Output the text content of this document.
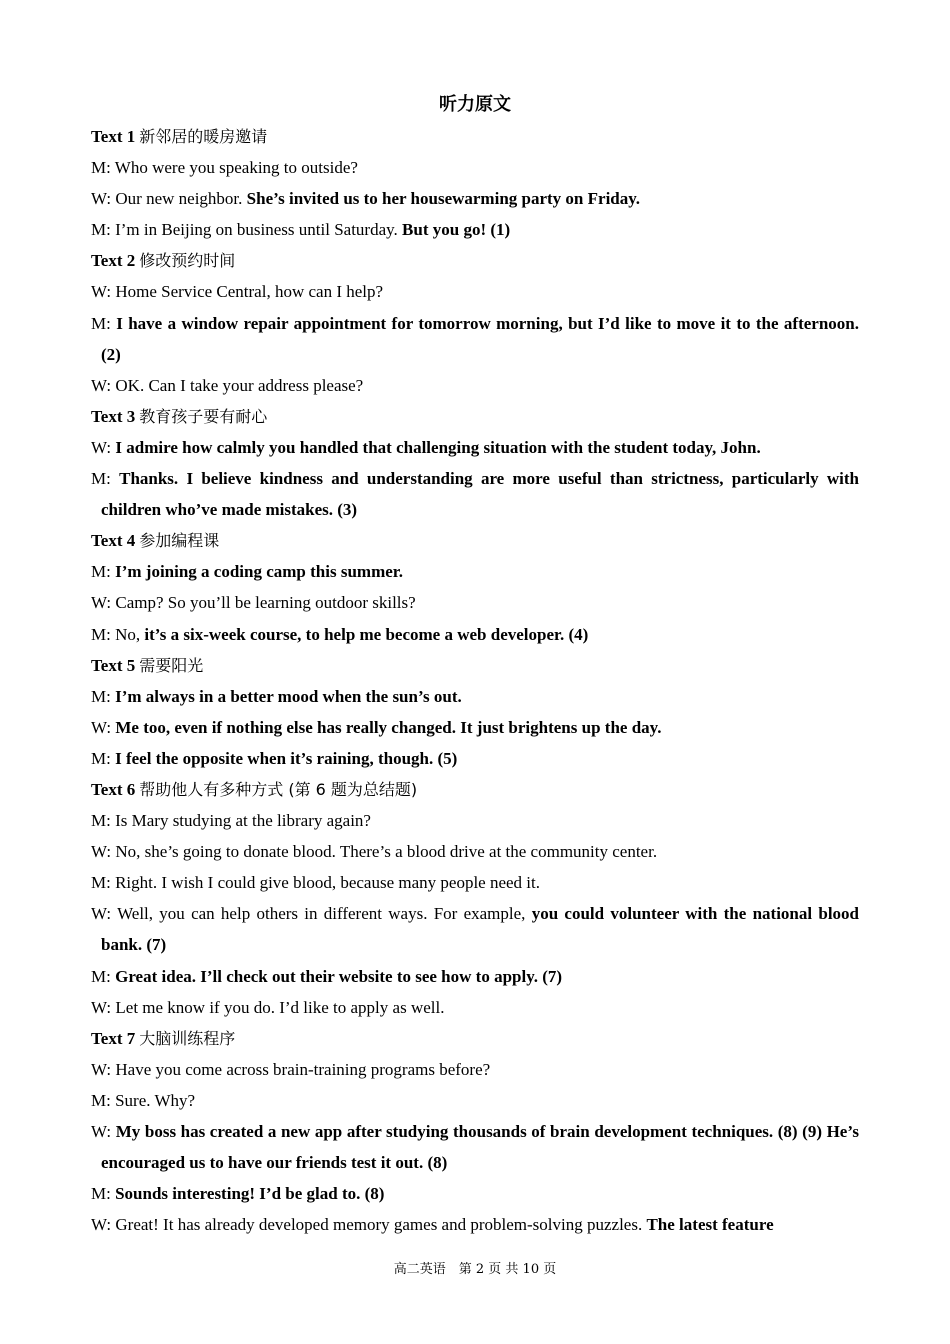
听力原文
Text 1 新邻居的暖房邀请
M: Who were you speaking to outside?
W: Our new neighbor. She’s invited us to her housewarming party on Friday.
M: I’m in Beijing on business until Saturday. But you go! (1)
Text 2 修改预约时间
W: Home Service Central, how can I help?
M: I have a window repair appointment for tomorrow morning, but I’d like to move it to the afternoon. (2)
W: OK. Can I take your address please?
Text 3 教育孩子要有耐心
W: I admire how calmly you handled that challenging situation with the student today, John.
M: Thanks. I believe kindness and understanding are more useful than strictness, particularly with children who’ve made mistakes. (3)
Text 4 参加编程课
M: I’m joining a coding camp this summer.
W: Camp? So you’ll be learning outdoor skills?
M: No, it’s a six-week course, to help me become a web developer. (4)
Text 5 需要阳光
M: I’m always in a better mood when the sun’s out.
W: Me too, even if nothing else has really changed. It just brightens up the day.
M: I feel the opposite when it’s raining, though. (5)
Text 6 帮助他人有多种方式 (第 6 题为总结题)
M: Is Mary studying at the library again?
W: No, she’s going to donate blood. There’s a blood drive at the community center.
M: Right. I wish I could give blood, because many people need it.
W: Well, you can help others in different ways. For example, you could volunteer with the national blood bank. (7)
M: Great idea. I’ll check out their website to see how to apply. (7)
W: Let me know if you do. I’d like to apply as well.
Text 7 大脑训练程序
W: Have you come across brain-training programs before?
M: Sure. Why?
W: My boss has created a new app after studying thousands of brain development techniques. (8) (9) He’s encouraged us to have our friends test it out. (8)
M: Sounds interesting! I’d be glad to. (8)
W: Great! It has already developed memory games and problem-solving puzzles. The latest feature
高二英语　第 2 页 共 10 页
